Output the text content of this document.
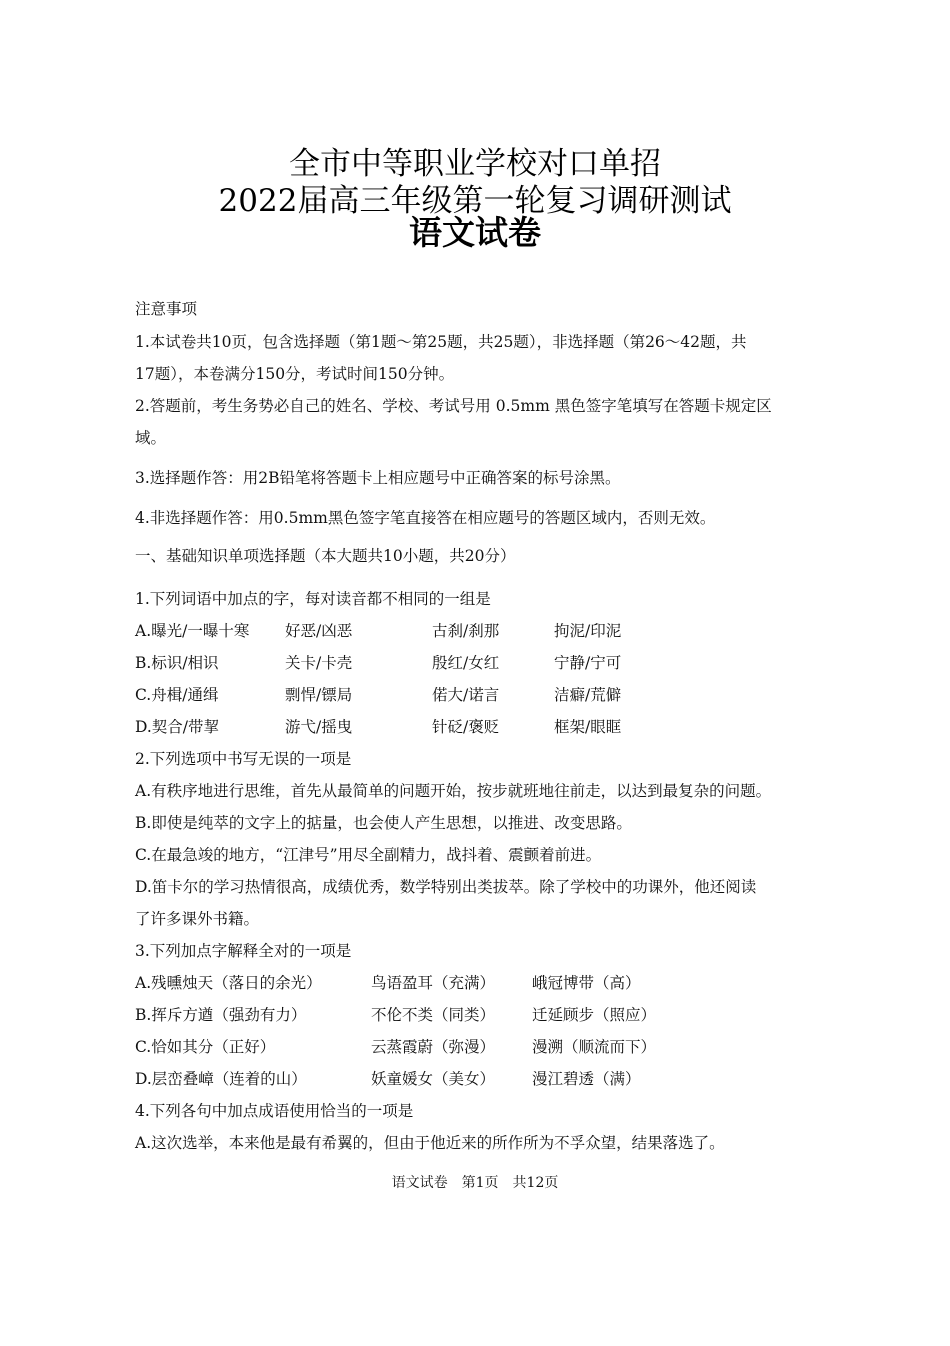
全市中等职业学校对口单招
2022届高三年级第一轮复习调研测试
语文试卷
注意事项
1.本试卷共10页，包含选择题（第1题～第25题，共25题），非选择题（第26～42题，共
17题），本卷满分150分，考试时间150分钟。
2.答题前，考生务势必自己的姓名、学校、考试号用 0.5mm 黑色签字笔填写在答题卡规定区
域。
3.选择题作答：用2B铅笔将答题卡上相应题号中正确答案的标号涂黑。
4.非选择题作答：用0.5mm黑色签字笔直接答在相应题号的答题区域内，否则无效。
一、基础知识单项选择题（本大题共10小题，共20分）
1.下列词语中加点的字，每对读音都不相同的一组是
A.曝光/一曝十寒 好恶/凶恶	古刹/刹那	拘泥/印泥
B.标识/相识	关卡/卡壳	殷红/女红	宁静/宁可
C.舟楫/通缉	剽悍/镖局	偌大/诺言	洁癖/荒僻
D.契合/带挈	游弋/摇曳	针砭/褒贬	框架/眼眶
2.下列选项中书写无误的一项是
A.有秩序地进行思维，首先从最简单的问题开始，按步就班地往前走，以达到最复杂的问题。
B.即使是纯萃的文字上的掂量，也会使人产生思想，以推进、改变思路。
C.在最急竣的地方，“江津号”用尽全副精力，战抖着、震颤着前进。
D.笛卡尔的学习热情很高，成绩优秀，数学特别出类拔萃。除了学校中的功课外，他还阅读
了许多课外书籍。
3.下列加点字解释全对的一项是
A.残曛烛天（落日的余光）	鸟语盈耳（充满） 峨冠博带（高）
B.挥斥方遒（强劲有力）	不伦不类（同类） 迁延顾步（照应）
C.恰如其分（正好）	云蒸霞蔚（弥漫） 漫溯（顺流而下）
D.层峦叠嶂（连着的山）	妖童媛女（美女） 漫江碧透（满）
4.下列各句中加点成语使用恰当的一项是
A.这次选举，本来他是最有希翼的，但由于他近来的所作所为不孚众望，结果落选了。
语文试卷　第1页　共12页
